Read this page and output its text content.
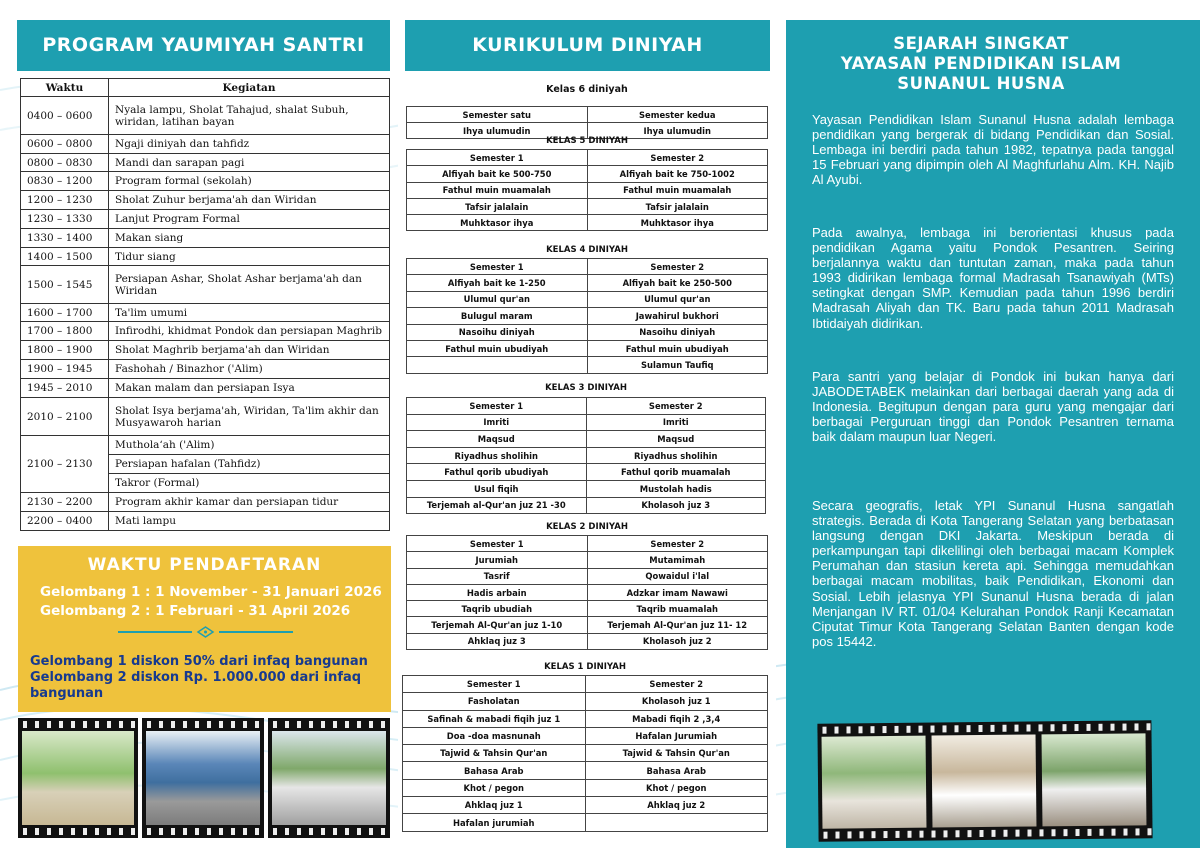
PROGRAM YAUMIYAH SANTRI
Waktu	Kegiatan
0400 – 0600	Nyala lampu, Sholat Tahajud, shalat Subuh, wiridan, latihan bayan
0600 – 0800	Ngaji diniyah dan tahfidz
0800 – 0830	Mandi dan sarapan pagi
0830 – 1200	Program formal (sekolah)
1200 – 1230	Sholat Zuhur berjama'ah dan Wiridan
1230 – 1330	Lanjut Program Formal
1330 – 1400	Makan siang
1400 – 1500	Tidur siang
1500 – 1545	Persiapan Ashar, Sholat Ashar berjama'ah dan Wiridan
1600 – 1700	Ta'lim umumi
1700 – 1800	Infirodhi, khidmat Pondok dan persiapan Maghrib
1800 – 1900	Sholat Maghrib berjama'ah dan Wiridan
1900 – 1945	Fashohah / Binazhor ('Alim)
1945 – 2010	Makan malam dan persiapan Isya
2010 – 2100	Sholat Isya berjama'ah, Wiridan, Ta'lim akhir dan Musyawaroh harian
2100 – 2130	Mutholaʻah ('Alim)
	Persiapan hafalan (Tahfidz)
	Takror (Formal)
2130 – 2200	Program akhir kamar dan persiapan tidur
2200 – 0400	Mati lampu
WAKTU PENDAFTARAN
Gelombang 1 : 1 November - 31 Januari 2026
Gelombang 2 : 1 Februari - 31 April 2026
Gelombang 1 diskon 50% dari infaq bangunan
Gelombang 2 diskon Rp. 1.000.000 dari infaq bangunan
KURIKULUM DINIYAH
Kelas 6 diniyah
Semester satu	Semester kedua
Ihya ulumudin	Ihya ulumudin
KELAS 5 DINIYAH
Semester 1	Semester 2
Alfiyah bait ke 500-750	Alfiyah bait ke 750-1002
Fathul muin muamalah	Fathul muin muamalah
Tafsir jalalain	Tafsir jalalain
Muhktasor ihya	Muhktasor ihya
KELAS 4 DINIYAH
Semester 1	Semester 2
Alfiyah bait ke 1-250	Alfiyah bait ke 250-500
Ulumul qur'an	Ulumul qur'an
Bulugul maram	Jawahirul bukhori
Nasoihu diniyah	Nasoihu diniyah
Fathul muin ubudiyah	Fathul muin ubudiyah
	Sulamun Taufiq
KELAS 3 DINIYAH
Semester 1	Semester 2
Imriti	Imriti
Maqsud	Maqsud
Riyadhus sholihin	Riyadhus sholihin
Fathul qorib ubudiyah	Fathul qorib muamalah
Usul fiqih	Mustolah hadis
Terjemah al-Qur'an juz 21 -30	Kholasoh juz 3
KELAS 2 DINIYAH
Semester 1	Semester 2
Jurumiah	Mutamimah
Tasrif	Qowaidul i'lal
Hadis arbain	Adzkar imam Nawawi
Taqrib ubudiah	Taqrib muamalah
Terjemah Al-Qur'an juz 1-10	Terjemah Al-Qur'an juz 11- 12
Ahklaq juz 3	Kholasoh juz 2
KELAS 1 DINIYAH
Semester 1	Semester 2
Fasholatan	Kholasoh juz 1
Safinah & mabadi fiqih juz 1	Mabadi fiqih 2 ,3,4
Doa -doa masnunah	Hafalan Jurumiah
Tajwid & Tahsin Qur'an	Tajwid & Tahsin Qur'an
Bahasa Arab	Bahasa Arab
Khot / pegon	Khot / pegon
Ahklaq juz 1	Ahklaq juz 2
Hafalan jurumiah	
SEJARAH SINGKAT
YAYASAN PENDIDIKAN ISLAM
SUNANUL HUSNA
Yayasan Pendidikan Islam Sunanul Husna adalah lembaga pendidikan yang bergerak di bidang Pendidikan dan Sosial. Lembaga ini berdiri pada tahun 1982, tepatnya pada tanggal 15 Februari yang dipimpin oleh Al Maghfurlahu Alm. KH. Najib Al Ayubi.
Pada awalnya, lembaga ini berorientasi khusus pada pendidikan Agama yaitu Pondok Pesantren. Seiring berjalannya waktu dan tuntutan zaman, maka pada tahun 1993 didirikan lembaga formal Madrasah Tsanawiyah (MTs) setingkat dengan SMP. Kemudian pada tahun 1996 berdiri Madrasah Aliyah dan TK. Baru pada tahun 2011 Madrasah Ibtidaiyah didirikan.
Para santri yang belajar di Pondok ini bukan hanya dari JABODETABEK melainkan dari berbagai daerah yang ada di Indonesia. Begitupun dengan para guru yang mengajar dari berbagai Perguruan tinggi dan Pondok Pesantren ternama baik dalam maupun luar Negeri.
Secara geografis, letak YPI Sunanul Husna sangatlah strategis. Berada di Kota Tangerang Selatan yang berbatasan langsung dengan DKI Jakarta. Meskipun berada di perkampungan tapi dikelilingi oleh berbagai macam Komplek Perumahan dan stasiun kereta api. Sehingga memudahkan berbagai macam mobilitas, baik Pendidikan, Ekonomi dan Sosial. Lebih jelasnya YPI Sunanul Husna berada di jalan Menjangan IV RT. 01/04 Kelurahan Pondok Ranji Kecamatan Ciputat Timur Kota Tangerang Selatan Banten dengan kode pos 15442.
